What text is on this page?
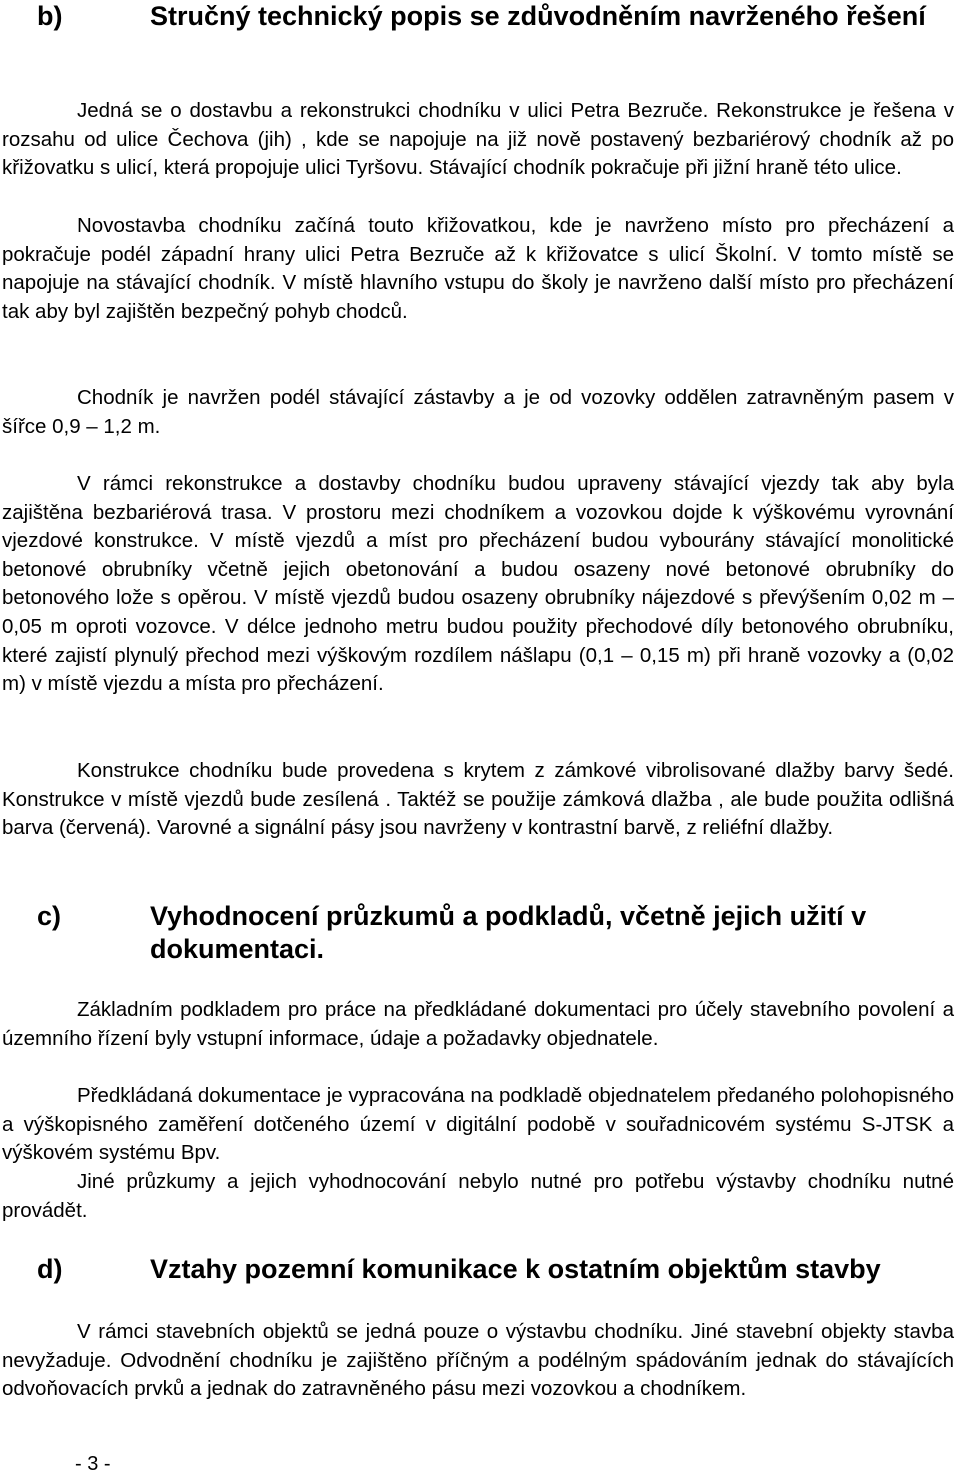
b)	Stručný technický popis se zdůvodněním navrženého řešení

Jedná se o dostavbu a rekonstrukci chodníku v ulici Petra Bezruče. Rekonstrukce je řešena v rozsahu od ulice Čechova (jih) , kde se napojuje na již nově postavený bezbariérový chodník až po křižovatku s ulicí, která propojuje ulici Tyršovu. Stávající chodník pokračuje při jižní hraně této ulice.

Novostavba chodníku začíná touto křižovatkou, kde je navrženo místo pro přecházení a pokračuje podél západní hrany ulici Petra Bezruče až k křižovatce s ulicí Školní. V tomto místě se napojuje na stávající chodník. V místě hlavního vstupu do školy je navrženo další místo pro přecházení tak aby byl zajištěn bezpečný pohyb chodců.

Chodník je navržen podél stávající zástavby a je od vozovky oddělen zatravněným pasem v šířce 0,9 – 1,2 m.

V rámci rekonstrukce a dostavby chodníku budou upraveny stávající vjezdy tak aby byla zajištěna bezbariérová trasa. V prostoru mezi chodníkem a vozovkou dojde k výškovému vyrovnání vjezdové konstrukce. V místě vjezdů a míst pro přecházení budou vybourány stávající monolitické betonové obrubníky včetně jejich obetonování a budou osazeny nové betonové obrubníky do betonového lože s opěrou. V místě vjezdů budou osazeny obrubníky nájezdové s převýšením 0,02 m – 0,05 m oproti vozovce. V délce jednoho metru budou použity přechodové díly betonového obrubníku, které zajistí plynulý přechod mezi výškovým rozdílem nášlapu (0,1 – 0,15 m) při hraně vozovky a (0,02 m) v místě vjezdu a místa pro přecházení.

Konstrukce chodníku bude provedena s krytem z zámkové vibrolisované dlažby barvy šedé. Konstrukce v místě vjezdů bude zesílená . Taktéž se použije zámková dlažba , ale bude použita odlišná barva (červená). Varovné a signální pásy jsou navrženy v kontrastní barvě, z reliéfní dlažby.

c)	Vyhodnocení průzkumů a podkladů, včetně jejich užití v dokumentaci.

Základním podkladem pro práce na předkládané dokumentaci pro účely stavebního povolení a územního řízení byly vstupní informace, údaje a požadavky objednatele.

Předkládaná dokumentace je vypracována na podkladě objednatelem předaného polohopisného a výškopisného zaměření dotčeného území v digitální podobě v souřadnicovém systému S-JTSK a výškovém systému Bpv.

Jiné průzkumy a jejich vyhodnocování nebylo nutné pro potřebu výstavby chodníku nutné provádět.

d)	Vztahy pozemní komunikace k ostatním objektům stavby

V rámci stavebních objektů se jedná pouze o výstavbu chodníku. Jiné stavební objekty stavba nevyžaduje. Odvodnění chodníku je zajištěno příčným a podélným spádováním jednak do stávajících odvoňovacích prvků a jednak do zatravněného pásu mezi vozovkou a chodníkem.

- 3 -
